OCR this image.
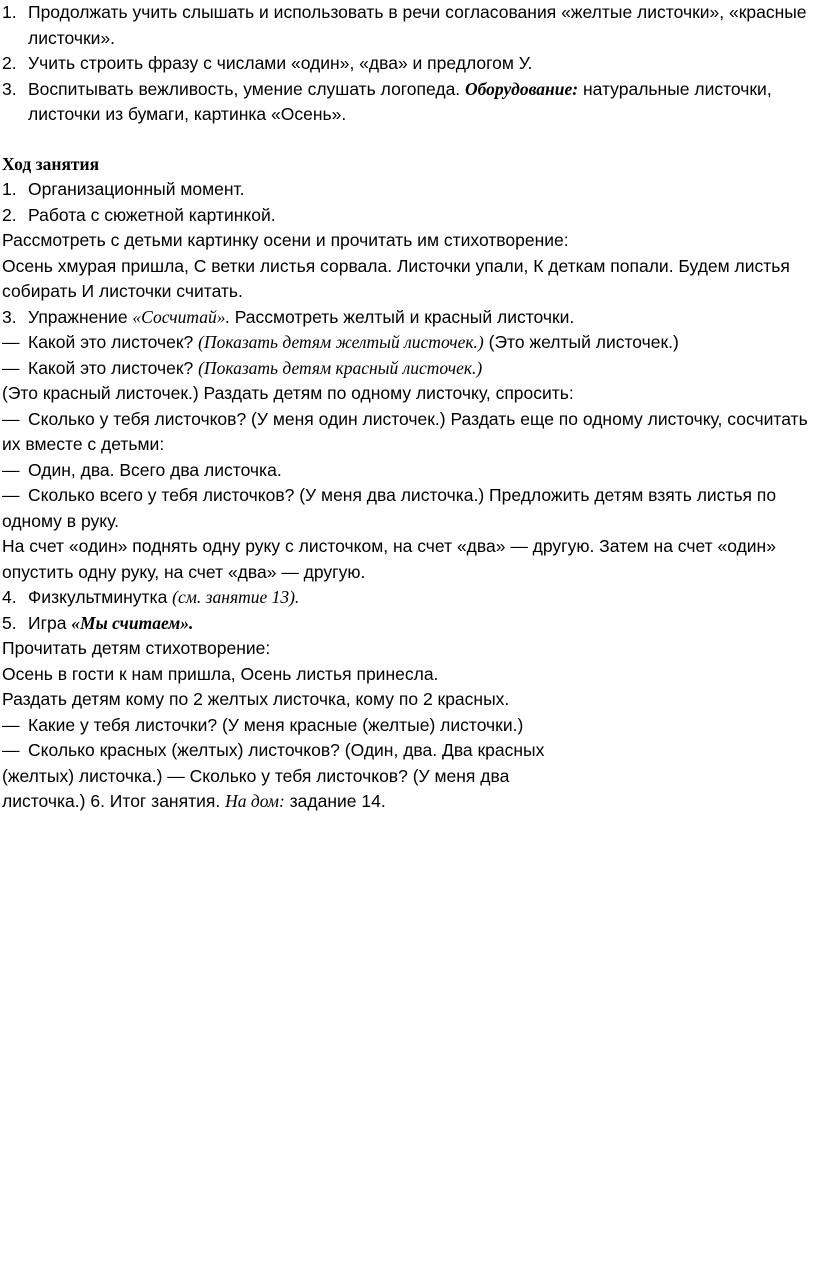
1. Продолжать учить слышать и использовать в речи согласования «желтые листочки», «красные листочки».
2. Учить строить фразу с числами «один», «два» и предлогом У.
3. Воспитывать вежливость, умение слушать логопеда. Оборудование: натуральные листочки, листочки из бумаги, картинка «Осень».
Ход занятия
1. Организационный момент.
2. Работа с сюжетной картинкой.
Рассмотреть с детьми картинку осени и прочитать им стихотворение:
Осень хмурая пришла, С ветки листья сорвала. Листочки упали, К деткам попали. Будем листья собирать И листочки считать.
3. Упражнение «Сосчитай». Рассмотреть желтый и красный листочки.
— Какой это листочек? (Показать детям желтый листочек.) (Это желтый листочек.)
— Какой это листочек? (Показать детям красный листочек.)
(Это красный листочек.) Раздать детям по одному листочку, спросить:
— Сколько у тебя листочков? (У меня один листочек.) Раздать еще по одному листочку, сосчитать их вместе с детьми:
— Один, два. Всего два листочка.
— Сколько всего у тебя листочков? (У меня два листочка.) Предложить детям взять листья по одному в руку.
На счет «один» поднять одну руку с листочком, на счет «два» — другую. Затем на счет «один» опустить одну руку, на счет «два» — другую.
4. Физкультминутка (см. занятие 13).
5. Игра «Мы считаем».
Прочитать детям стихотворение:
Осень в гости к нам пришла, Осень листья принесла.
Раздать детям кому по 2 желтых листочка, кому по 2 красных.
— Какие у тебя листочки? (У меня красные (желтые) листочки.)
— Сколько красных (желтых) листочков? (Один, два. Два красных
(желтых) листочка.) — Сколько у тебя листочков? (У меня два
листочка.) 6. Итог занятия. На дом: задание 14.
